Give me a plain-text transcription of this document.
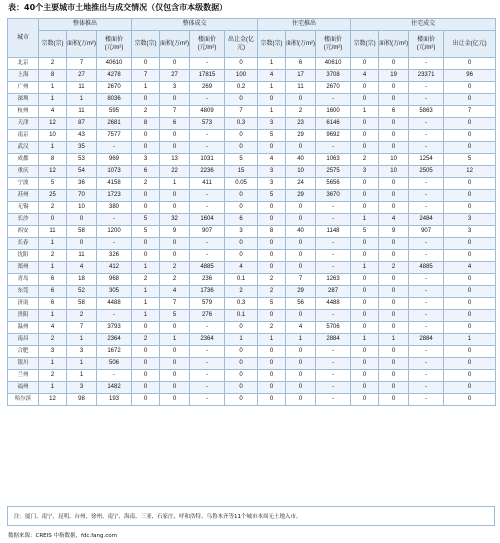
表：40个主要城市土地推出与成交情况（仅包含市本级数据）
城市	整体推出			整体成交				住宅推出			住宅成交			
	宗数(宗)	面积(万m²)	楼面价(元/m²)	宗数(宗)	面积(万m²)	楼面价(元/m²)	出让金(亿元)	宗数(宗)	面积(万m²)	楼面价(元/m²)	宗数(宗)	面积(万m²)	楼面价(元/m²)	出让金(亿元)
北京	2	7	40610	0	0	-	0	1	6	40610	0	0	-	0
上海	8	27	4278	7	27	17815	100	4	17	3708	4	19	23371	96
广州	1	11	2670	1	3	269	0.2	1	11	2670	0	0	-	0
深圳	1	1	8036	0	0	-	0	0	0	-	0	0	-	0
杭州	4	11	595	2	7	4809	7	1	2	1600	1	6	5863	7
天津	12	87	2681	8	6	573	0.3	3	23	6146	0	0	-	0
南京	10	43	7577	0	0	-	0	5	29	9692	0	0	-	0
武汉	1	35	-	0	0	-	0	0	0	-	0	0	-	0
成都	8	53	969	3	13	1031	5	4	40	1063	2	10	1254	5
重庆	12	54	1073	6	22	2236	15	3	10	2575	3	10	2505	12
宁波	5	36	4158	2	1	411	0.05	3	24	5656	0	0	-	0
苏州	25	70	1723	0	0	-	0	5	29	3670	0	0	-	0
无锡	2	10	380	0	0	-	0	0	0	-	0	0	-	0
长沙	0	0	-	5	32	1604	6	0	0	-	1	4	2484	3
西安	11	58	1200	5	9	907	3	8	40	1148	5	9	907	3
长春	1	0	-	0	0	-	0	0	0	-	0	0	-	0
沈阳	2	11	326	0	0	-	0	0	0	-	0	0	-	0
郑州	1	4	412	1	2	4885	4	0	0	-	1	2	4885	4
青岛	6	18	968	2	2	236	0.1	2	7	1263	0	0	-	0
东莞	6	52	305	1	4	1736	2	2	29	287	0	0	-	0
济南	6	58	4488	1	7	579	0.3	5	56	4488	0	0	-	0
贵阳	1	2	-	1	5	276	0.1	0	0	-	0	0	-	0
温州	4	7	3793	0	0	-	0	2	4	5706	0	0	-	0
南昌	2	1	2364	2	1	2364	1	1	1	2884	1	1	2884	1
合肥	3	3	1672	0	0	-	0	0	0	-	0	0	-	0
银川	1	1	506	0	0	-	0	0	0	-	0	0	-	0
兰州	2	1	-	0	0	-	0	0	0	-	0	0	-	0
福州	1	3	1482	0	0	-	0	0	0	-	0	0	-	0
哈尔滨	12	98	193	0	0	-	0	0	0	-	0	0	-	0
注：厦门、南宁、昆明、台州、徐州、南宁、海南、三亚、石家庄、呼和浩特、乌鲁木齐等11个城市本周无土地入市。
数据来源：CREIS 中指数据，fdc.fang.com
